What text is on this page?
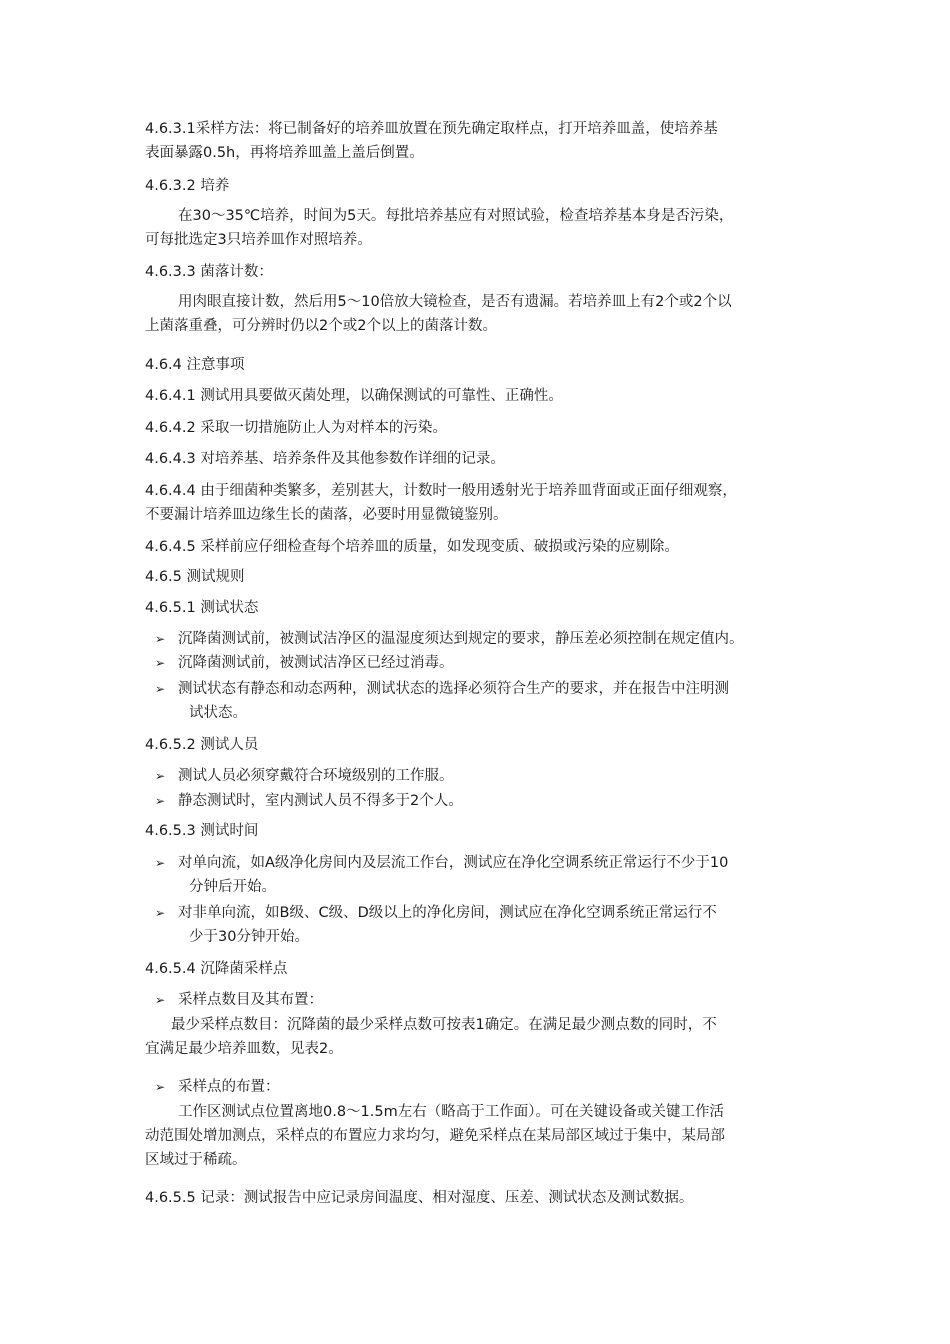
4.6.3.1采样方法：将已制备好的培养皿放置在预先确定取样点，打开培养皿盖，使培养基
表面暴露0.5h，再将培养皿盖上盖后倒置。
4.6.3.2 培养
在30～35℃培养，时间为5天。每批培养基应有对照试验，检查培养基本身是否污染，
可每批选定3只培养皿作对照培养。
4.6.3.3 菌落计数：
用肉眼直接计数，然后用5～10倍放大镜检查，是否有遗漏。若培养皿上有2个或2个以
上菌落重叠，可分辨时仍以2个或2个以上的菌落计数。
4.6.4 注意事项
4.6.4.1 测试用具要做灭菌处理，以确保测试的可靠性、正确性。
4.6.4.2 采取一切措施防止人为对样本的污染。
4.6.4.3 对培养基、培养条件及其他参数作详细的记录。
4.6.4.4 由于细菌种类繁多，差别甚大，计数时一般用透射光于培养皿背面或正面仔细观察，
不要漏计培养皿边缘生长的菌落，必要时用显微镜鉴别。
4.6.4.5 采样前应仔细检查每个培养皿的质量，如发现变质、破损或污染的应剔除。
4.6.5 测试规则
4.6.5.1 测试状态
➢ 沉降菌测试前，被测试洁净区的温湿度须达到规定的要求，静压差必须控制在规定值内。
➢ 沉降菌测试前，被测试洁净区已经过消毒。
➢ 测试状态有静态和动态两种，测试状态的选择必须符合生产的要求，并在报告中注明测
试状态。
4.6.5.2 测试人员
➢ 测试人员必须穿戴符合环境级别的工作服。
➢ 静态测试时，室内测试人员不得多于2个人。
4.6.5.3 测试时间
➢ 对单向流，如A级净化房间内及层流工作台，测试应在净化空调系统正常运行不少于10
分钟后开始。
➢ 对非单向流，如B级、C级、D级以上的净化房间，测试应在净化空调系统正常运行不
少于30分钟开始。
4.6.5.4 沉降菌采样点
➢ 采样点数目及其布置：
最少采样点数目：沉降菌的最少采样点数可按表1确定。在满足最少测点数的同时，不
宜满足最少培养皿数，见表2。
➢ 采样点的布置：
工作区测试点位置离地0.8～1.5m左右（略高于工作面）。可在关键设备或关键工作活
动范围处增加测点，采样点的布置应力求均匀，避免采样点在某局部区域过于集中，某局部
区域过于稀疏。
4.6.5.5 记录：测试报告中应记录房间温度、相对湿度、压差、测试状态及测试数据。
